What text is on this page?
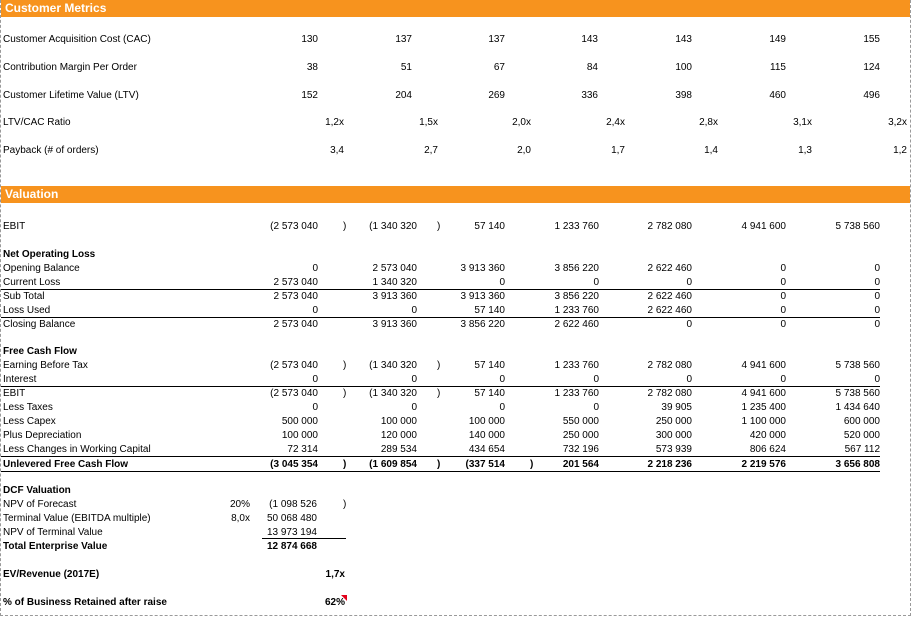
Customer Metrics
Customer Acquisition Cost (CAC)	130	137	137	143	143	149	155
Contribution Margin Per Order	38	51	67	84	100	115	124
Customer Lifetime Value (LTV)	152	204	269	336	398	460	496
LTV/CAC Ratio	1,2x	1,5x	2,0x	2,4x	2,8x	3,1x	3,2x
Payback (# of orders)	3,4	2,7	2,0	1,7	1,4	1,3	1,2
Valuation
EBIT	(2 573 040	)	(1 340 320 )	57 140	1 233 760	2 782 080	4 941 600	5 738 560
Opening Balance	0	2 573 040	3 913 360	3 856 220	2 622 460	0	0
Current Loss	2 573 040	1 340 320	0	0	0	0	0
Sub Total	2 573 040	3 913 360	3 913 360	3 856 220	2 622 460	0	0
Loss Used	0	0	57 140	1 233 760	2 622 460	0	0
Closing Balance	2 573 040	3 913 360	3 856 220	2 622 460	0	0	0
Earning Before Tax	(2 573 040	)	(1 340 320 )	57 140	1 233 760	2 782 080	4 941 600	5 738 560
Interest	0	0	0	0	0	0	0
EBIT	(2 573 040	)	(1 340 320 )	57 140	1 233 760	2 782 080	4 941 600	5 738 560
Less Taxes	0	0	0	0	39 905	1 235 400	1 434 640
Less Capex	500 000	100 000	100 000	550 000	250 000	1 100 000	600 000
Plus Depreciation	100 000	120 000	140 000	250 000	300 000	420 000	520 000
Less Changes in Working Capital	72 314	289 534	434 654	732 196	573 939	806 624	567 112
Unlevered Free Cash Flow	(3 045 354	)	(1 609 854 )	(337 514	)	201 564	2 218 236	2 219 576	3 656 808
NPV of Forecast	20%	(1 098 526	)
Terminal Value (EBITDA multiple)	8,0x	50 068 480
NPV of Terminal Value	13 973 194
Net Operating Loss
Free Cash Flow
DCF Valuation
Total Enterprise Value	12 874 668
EV/Revenue (2017E)	1,7x
% of Business Retained after raise	62%
